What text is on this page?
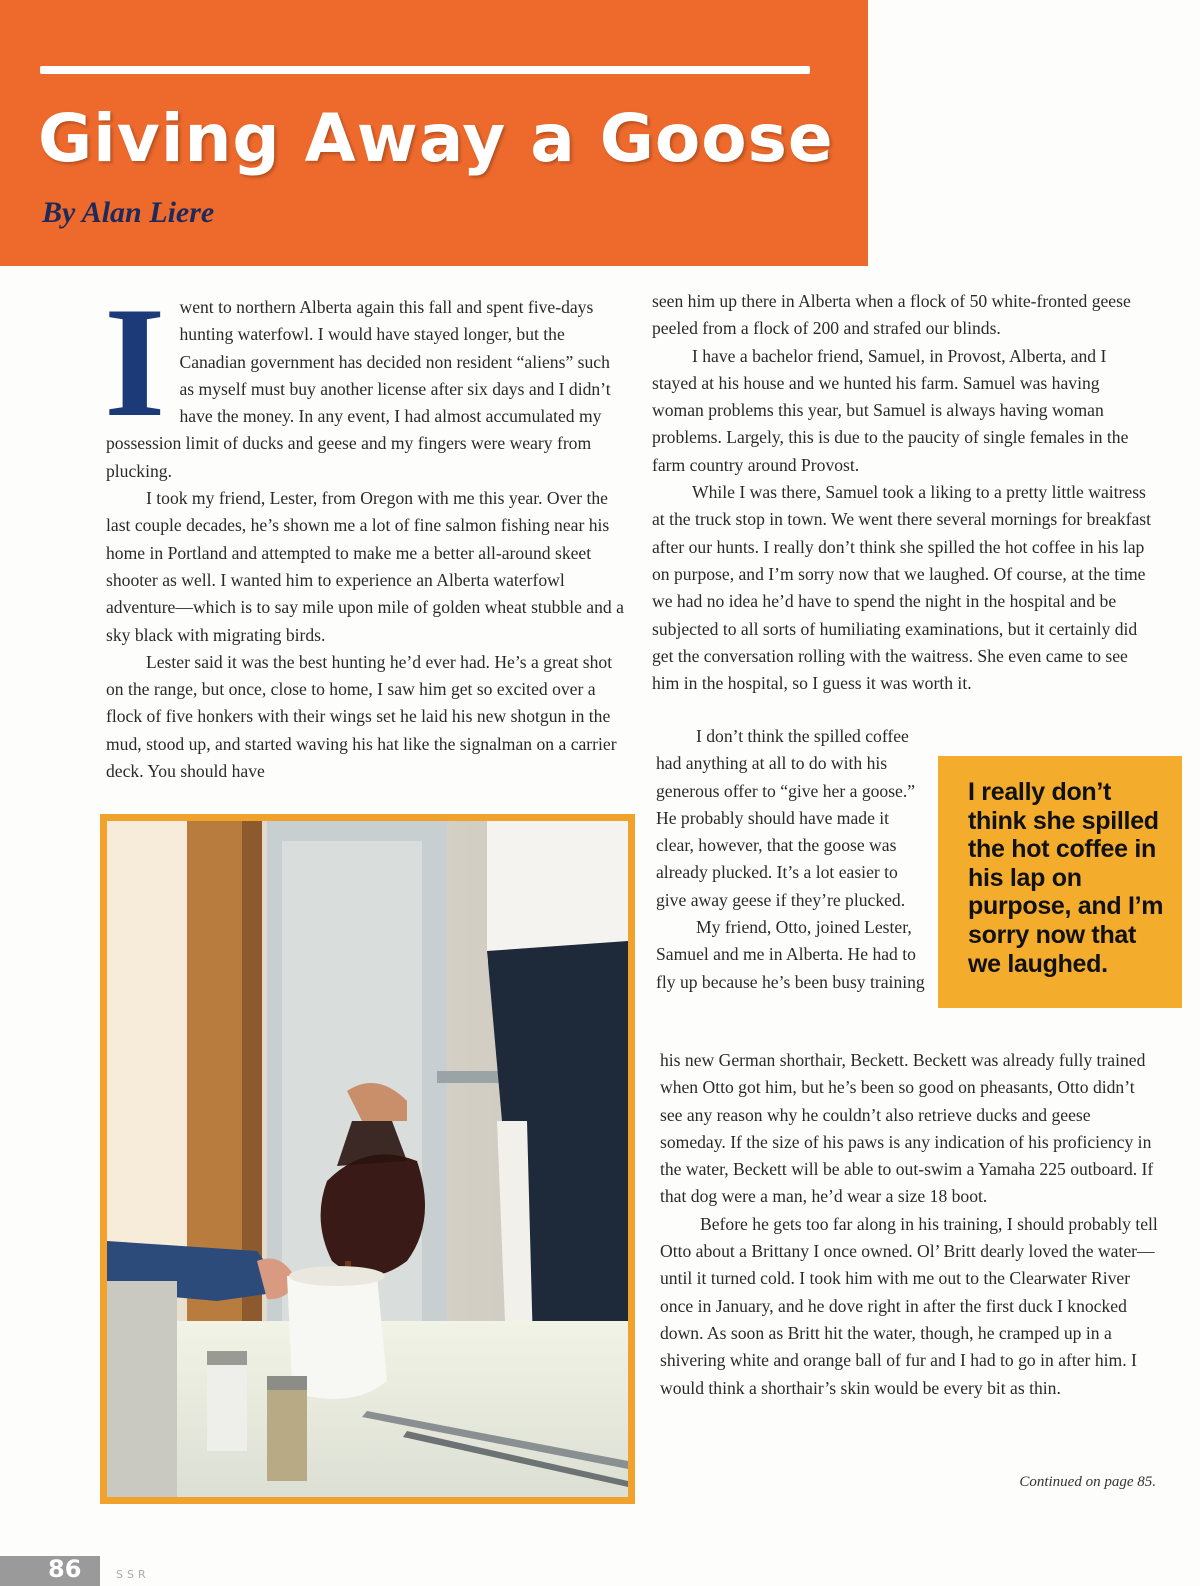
Giving Away a Goose
By Alan Liere
I went to northern Alberta again this fall and spent five-days hunting waterfowl. I would have stayed longer, but the Canadian government has decided non resident “aliens” such as myself must buy another license after six days and I didn’t have the money. In any event, I had almost accumulated my possession limit of ducks and geese and my fingers were weary from plucking.

I took my friend, Lester, from Oregon with me this year. Over the last couple decades, he’s shown me a lot of fine salmon fishing near his home in Portland and attempted to make me a better all-around skeet shooter as well. I wanted him to experience an Alberta waterfowl adventure—which is to say mile upon mile of golden wheat stubble and a sky black with migrating birds.

Lester said it was the best hunting he’d ever had. He’s a great shot on the range, but once, close to home, I saw him get so excited over a flock of five honkers with their wings set he laid his new shotgun in the mud, stood up, and started waving his hat like the signalman on a carrier deck. You should have

seen him up there in Alberta when a flock of 50 white-fronted geese peeled from a flock of 200 and strafed our blinds.

I have a bachelor friend, Samuel, in Provost, Alberta, and I stayed at his house and we hunted his farm. Samuel was having woman problems this year, but Samuel is always having woman problems. Largely, this is due to the paucity of single females in the farm country around Provost.

While I was there, Samuel took a liking to a pretty little waitress at the truck stop in town. We went there several mornings for breakfast after our hunts. I really don’t think she spilled the hot coffee in his lap on purpose, and I’m sorry now that we laughed. Of course, at the time we had no idea he’d have to spend the night in the hospital and be subjected to all sorts of humiliating examinations, but it certainly did get the conversation rolling with the waitress. She even came to see him in the hospital, so I guess it was worth it.

I don’t think the spilled coffee had anything at all to do with his generous offer to “give her a goose.” He probably should have made it clear, however, that the goose was already plucked. It’s a lot easier to give away geese if they’re plucked.

My friend, Otto, joined Lester, Samuel and me in Alberta. He had to fly up because he’s been busy training

I really don’t think she spilled the hot coffee in his lap on purpose, and I’m sorry now that we laughed.

his new German shorthair, Beckett. Beckett was already fully trained when Otto got him, but he’s been so good on pheasants, Otto didn’t see any reason why he couldn’t also retrieve ducks and geese someday. If the size of his paws is any indication of his proficiency in the water, Beckett will be able to out-swim a Yamaha 225 outboard. If that dog were a man, he’d wear a size 18 boot.

Before he gets too far along in his training, I should probably tell Otto about a Brittany I once owned. Ol’ Britt dearly loved the water—until it turned cold. I took him with me out to the Clearwater River once in January, and he dove right in after the first duck I knocked down. As soon as Britt hit the water, though, he cramped up in a shivering white and orange ball of fur and I had to go in after him. I would think a shorthair’s skin would be every bit as thin.

Continued on page 85.
86	SSR
